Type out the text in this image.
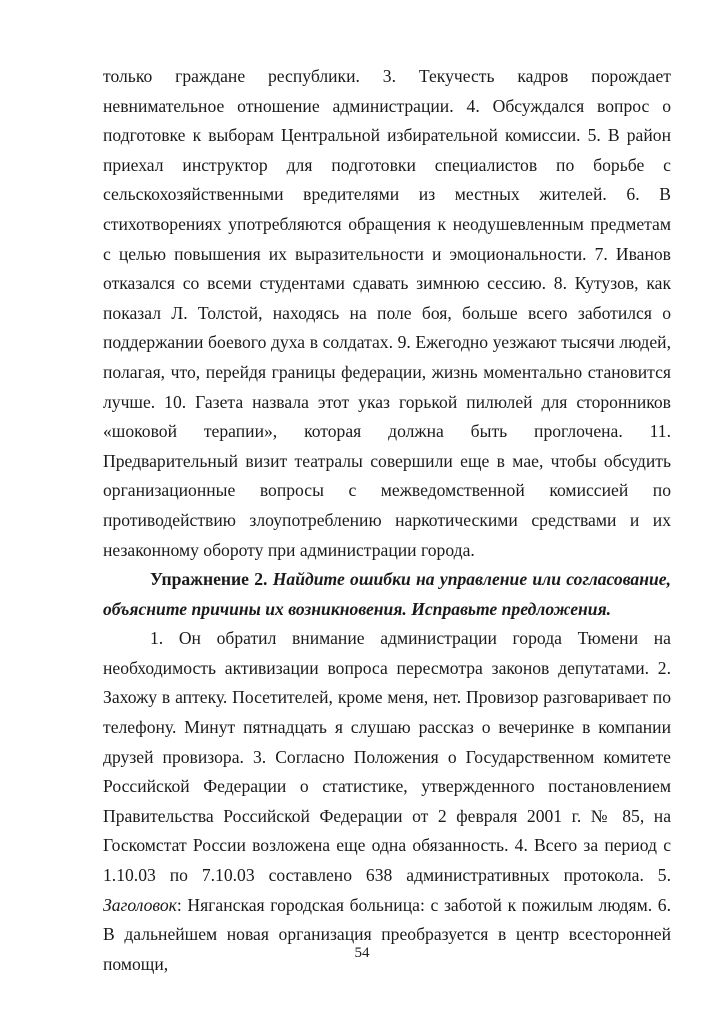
только граждане республики. 3. Текучесть кадров порождает невнимательное отношение администрации. 4. Обсуждался вопрос о подготовке к выборам Центральной избирательной комиссии. 5. В район приехал инструктор для подготовки специалистов по борьбе с сельскохозяйственными вредителями из местных жителей. 6. В стихотворениях употребляются обращения к неодушевленным предметам с целью повышения их выразительности и эмоциональности. 7. Иванов отказался со всеми студентами сдавать зимнюю сессию. 8. Кутузов, как показал Л. Толстой, находясь на поле боя, больше всего заботился о поддержании боевого духа в солдатах. 9. Ежегодно уезжают тысячи людей, полагая, что, перейдя границы федерации, жизнь моментально становится лучше. 10. Газета назвала этот указ горькой пилюлей для сторонников «шоковой терапии», которая должна быть проглочена. 11. Предварительный визит театралы совершили еще в мае, чтобы обсудить организационные вопросы с межведомственной комиссией по противодействию злоупотреблению наркотическими средствами и их незаконному обороту при администрации города.

Упражнение 2. Найдите ошибки на управление или согласование, объясните причины их возникновения. Исправьте предложения.

1. Он обратил внимание администрации города Тюмени на необходимость активизации вопроса пересмотра законов депутатами. 2. Захожу в аптеку. Посетителей, кроме меня, нет. Провизор разговаривает по телефону. Минут пятнадцать я слушаю рассказ о вечеринке в компании друзей провизора. 3. Согласно Положения о Государственном комитете Российской Федерации о статистике, утвержденного постановлением Правительства Российской Федерации от 2 февраля 2001 г. № 85, на Госкомстат России возложена еще одна обязанность. 4. Всего за период с 1.10.03 по 7.10.03 составлено 638 административных протокола. 5. Заголовок: Няганская городская больница: с заботой к пожилым людям. 6. В дальнейшем новая организация преобразуется в центр всесторонней помощи,

54
